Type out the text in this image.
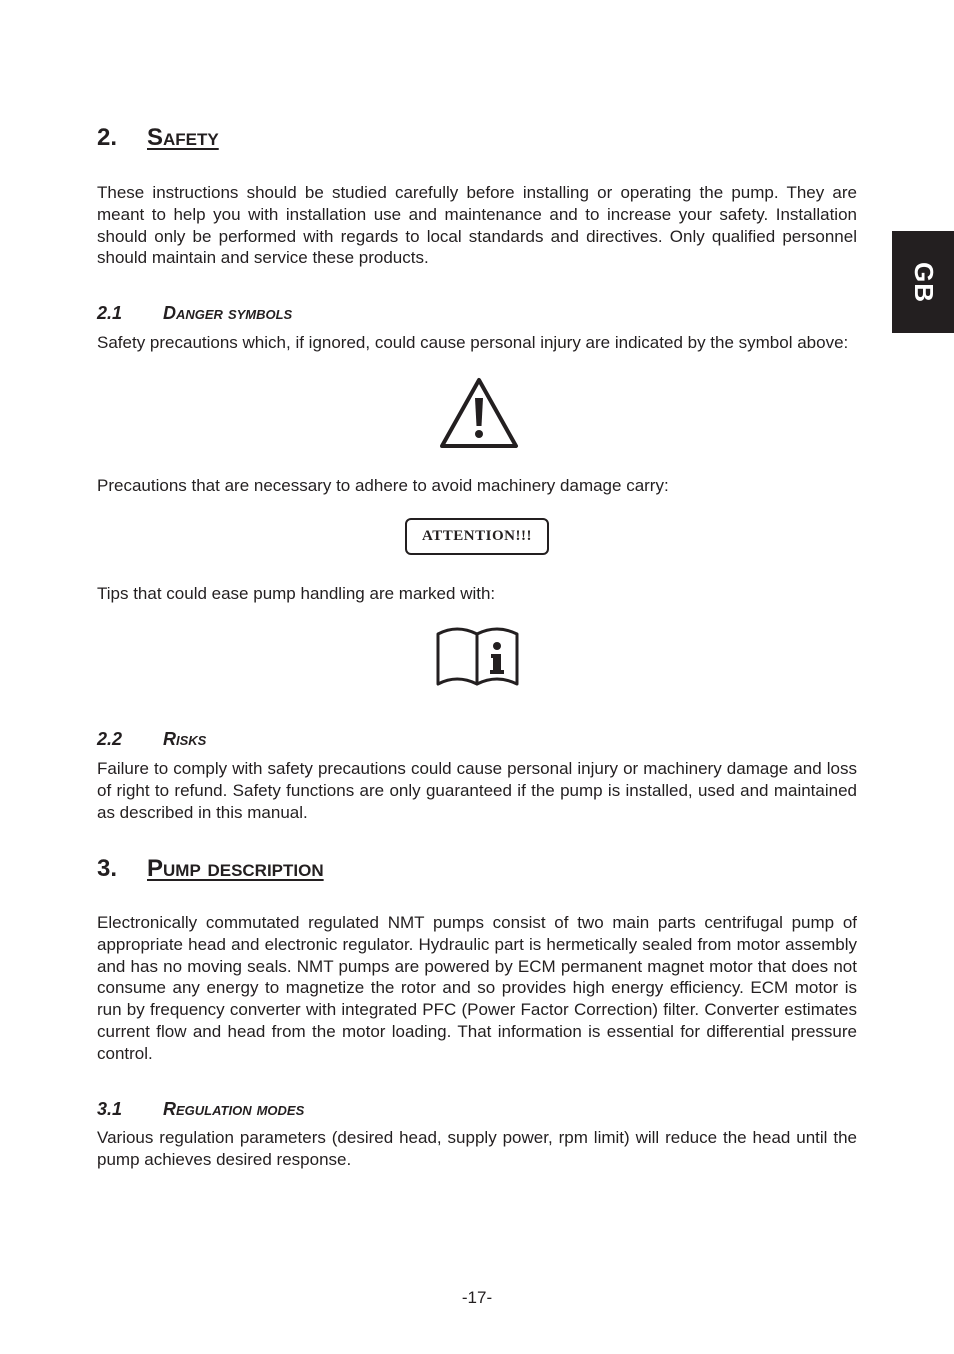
GB
2. Safety

These instructions should be studied carefully before installing or operating the pump. They are meant to help you with installation use and maintenance and to increase your safety. Installation should only be performed with regards to local standards and directives. Only qualified personnel should maintain and service these products.

2.1 Danger symbols

Safety precautions which, if ignored, could cause personal injury are indicated by the symbol above:

Precautions that are necessary to adhere to avoid machinery damage carry:

Tips that could ease pump handling are marked with:

2.2 Risks

Failure to comply with safety precautions could cause personal injury or machinery damage and loss of right to refund. Safety functions are only guaranteed if the pump is installed, used and maintained as described in this manual.

3. Pump description

Electronically commutated regulated NMT pumps consist of two main parts centrifugal pump of appropriate head and electronic regulator. Hydraulic part is hermetically sealed from motor assembly and has no moving seals. NMT pumps are powered by ECM permanent magnet motor that does not consume any energy to magnetize the rotor and so provides high energy efficiency. ECM motor is run by frequency converter with integrated PFC (Power Factor Correction) filter. Converter estimates current flow and head from the motor loading. That information is essential for differential pressure control.

3.1 Regulation modes

Various regulation parameters (desired head, supply power, rpm limit) will reduce the head until the pump achieves desired response.

ATTENTION!!!
-17-
